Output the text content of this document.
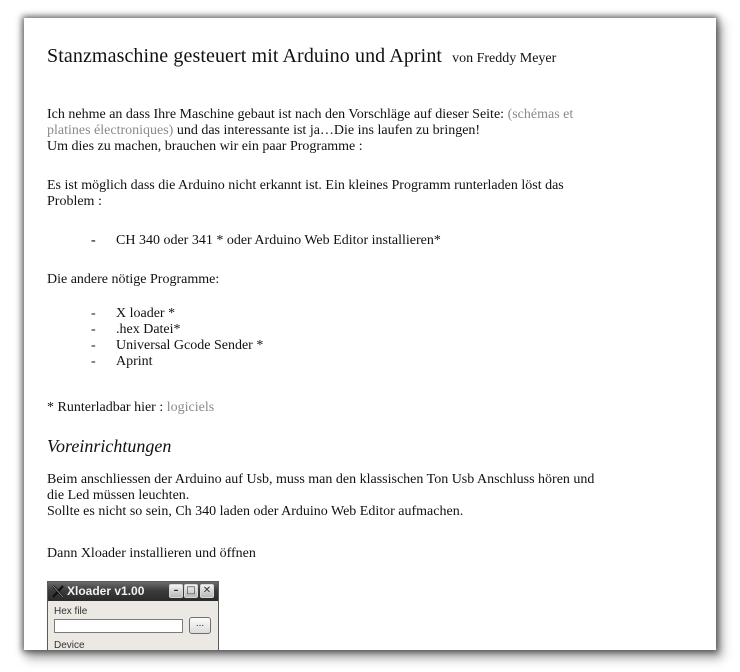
Stanzmaschine gesteuert mit Arduino und Aprint von Freddy Meyer
Ich nehme an dass Ihre Maschine gebaut ist nach den Vorschläge auf dieser Seite: (schémas et
platines électroniques) und das interessante ist ja…Die ins laufen zu bringen!
Um dies zu machen, brauchen wir ein paar Programme :
Es ist möglich dass die Arduino nicht erkannt ist. Ein kleines Programm runterladen löst das
Problem :
-	CH 340 oder 341 * oder Arduino Web Editor installieren*
Die andere nötige Programme:
-	X loader *
-	.hex Datei*
-	Universal Gcode Sender *
-	Aprint
* Runterladbar hier : logiciels
Voreinrichtungen
Beim anschliessen der Arduino auf Usb, muss man den klassischen Ton Usb Anschluss hören und
die Led müssen leuchten.
Sollte es nicht so sein, Ch 340 laden oder Arduino Web Editor aufmachen.
Dann Xloader installieren und öffnen
Xloader v1.00	– □ ✕
Hex file
...
Device
